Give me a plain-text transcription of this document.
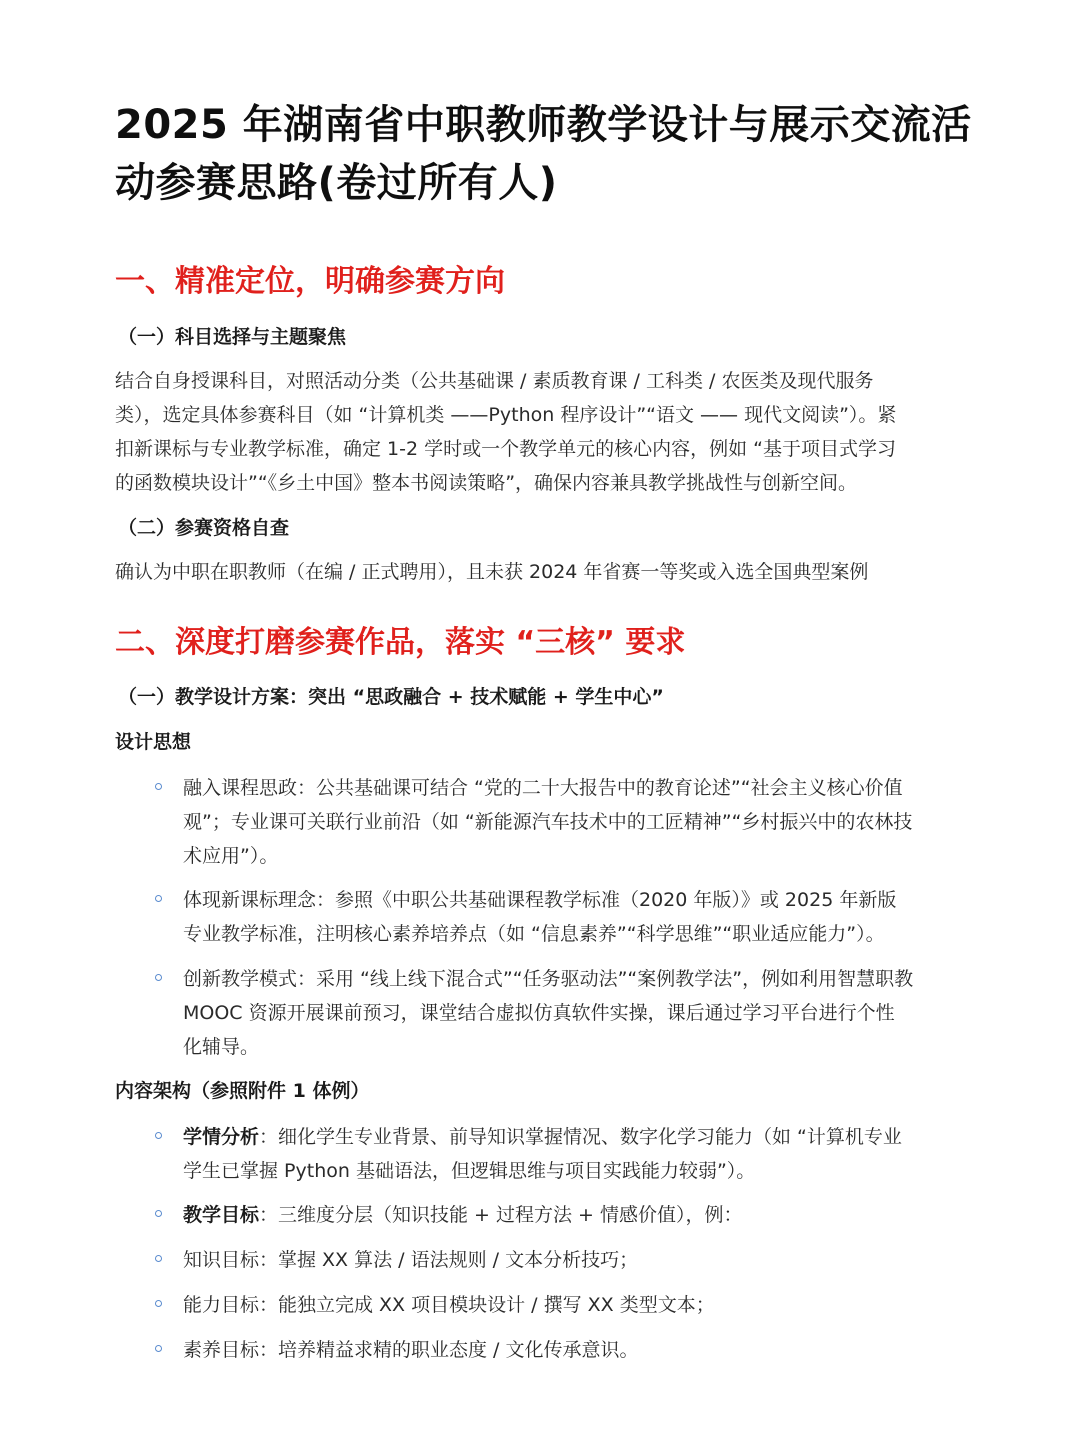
2025 年湖南省中职教师教学设计与展示交流活
动参赛思路(卷过所有人)
一、精准定位，明确参赛方向
（一）科目选择与主题聚焦
结合自身授课科目，对照活动分类（公共基础课 / 素质教育课 / 工科类 / 农医类及现代服务
类），选定具体参赛科目（如 “计算机类 ——Python 程序设计”“语文 —— 现代文阅读”）。紧
扣新课标与专业教学标准，确定 1-2 学时或一个教学单元的核心内容，例如 “基于项目式学习
的函数模块设计”“《乡土中国》整本书阅读策略”，确保内容兼具教学挑战性与创新空间。
（二）参赛资格自查
确认为中职在职教师（在编 / 正式聘用），且未获 2024 年省赛一等奖或入选全国典型案例
二、深度打磨参赛作品，落实 “三核” 要求
（一）教学设计方案：突出 “思政融合 + 技术赋能 + 学生中心”
设计思想
融入课程思政：公共基础课可结合 “党的二十大报告中的教育论述”“社会主义核心价值
观”；专业课可关联行业前沿（如 “新能源汽车技术中的工匠精神”“乡村振兴中的农林技
术应用”）。
体现新课标理念：参照《中职公共基础课程教学标准（2020 年版）》或 2025 年新版
专业教学标准，注明核心素养培养点（如 “信息素养”“科学思维”“职业适应能力”）。
创新教学模式：采用 “线上线下混合式”“任务驱动法”“案例教学法”，例如利用智慧职教
MOOC 资源开展课前预习，课堂结合虚拟仿真软件实操，课后通过学习平台进行个性
化辅导。
内容架构（参照附件 1 体例）
学情分析：细化学生专业背景、前导知识掌握情况、数字化学习能力（如 “计算机专业
学生已掌握 Python 基础语法，但逻辑思维与项目实践能力较弱”）。
教学目标：三维度分层（知识技能 + 过程方法 + 情感价值），例：
知识目标：掌握 XX 算法 / 语法规则 / 文本分析技巧；
能力目标：能独立完成 XX 项目模块设计 / 撰写 XX 类型文本；
素养目标：培养精益求精的职业态度 / 文化传承意识。
